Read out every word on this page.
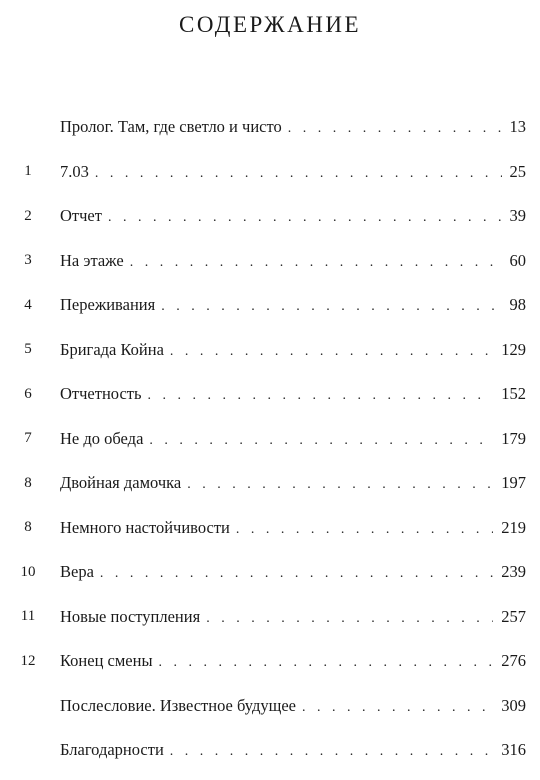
СОДЕРЖАНИЕ
Пролог. Там, где светло и чисто . . .	13
1	7.03 . . .	25
2	Отчет . . .	39
3	На этаже . . .	60
4	Переживания . . .	98
5	Бригада Койна . . .	129
6	Отчетность . . .	152
7	Не до обеда . . .	179
8	Двойная дамочка . . .	197
8	Немного настойчивости . . .	219
10	Вера . . .	239
11	Новые поступления . . .	257
12	Конец смены . . .	276
Послесловие. Известное будущее . . .	309
Благодарности . . .	316
